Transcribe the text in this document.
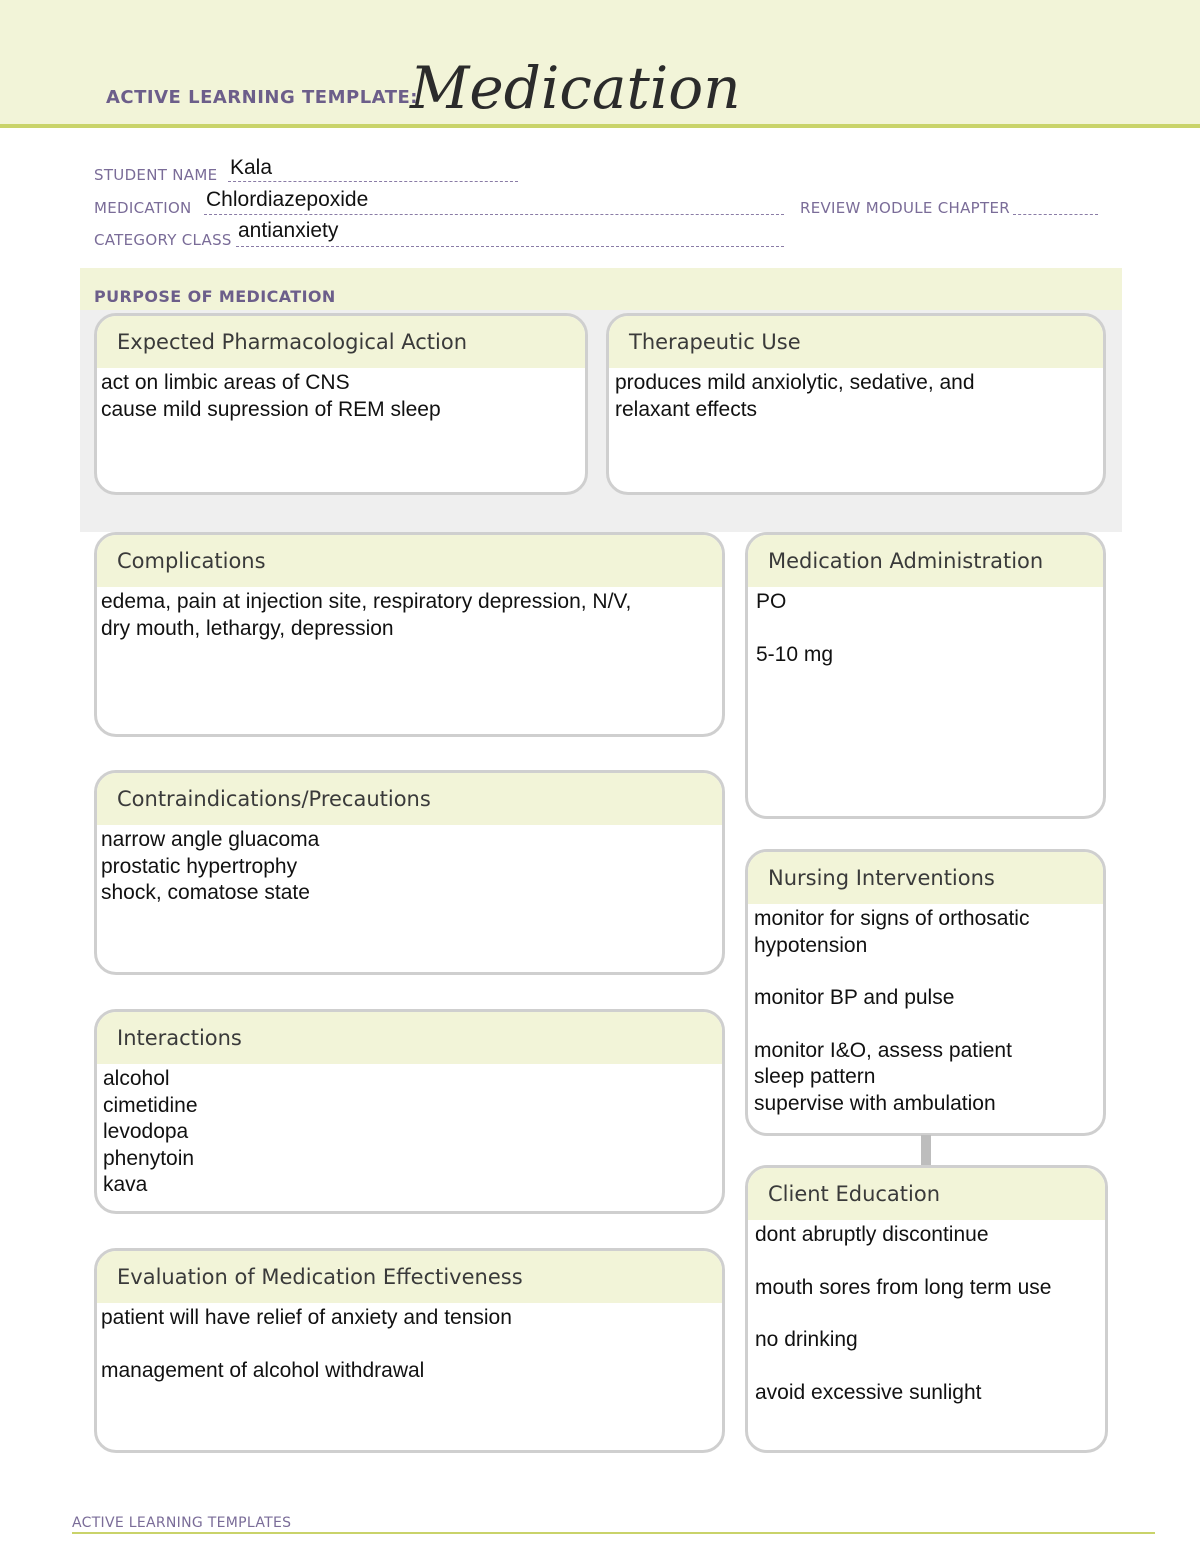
ACTIVE LEARNING TEMPLATE:
Medication
STUDENT NAME Kala
MEDICATION Chlordiazepoxide	REVIEW MODULE CHAPTER
CATEGORY CLASS antianxiety
PURPOSE OF MEDICATION
Expected Pharmacological Action
act on limbic areas of CNS
cause mild supression of REM sleep
Therapeutic Use
produces mild anxiolytic, sedative, and
relaxant effects
Complications
edema, pain at injection site, respiratory depression, N/V,
dry mouth, lethargy, depression
Contraindications/Precautions
narrow angle gluacoma
prostatic hypertrophy
shock, comatose state
Interactions
alcohol
cimetidine
levodopa
phenytoin
kava
Evaluation of Medication Effectiveness
patient will have relief of anxiety and tension
management of alcohol withdrawal
Medication Administration
PO
5-10 mg
Nursing Interventions
monitor for signs of orthosatic
hypotension
monitor BP and pulse
monitor I&O, assess patient
sleep pattern
supervise with ambulation
Client Education
dont abruptly discontinue
mouth sores from long term use
no drinking
avoid excessive sunlight
ACTIVE LEARNING TEMPLATES
